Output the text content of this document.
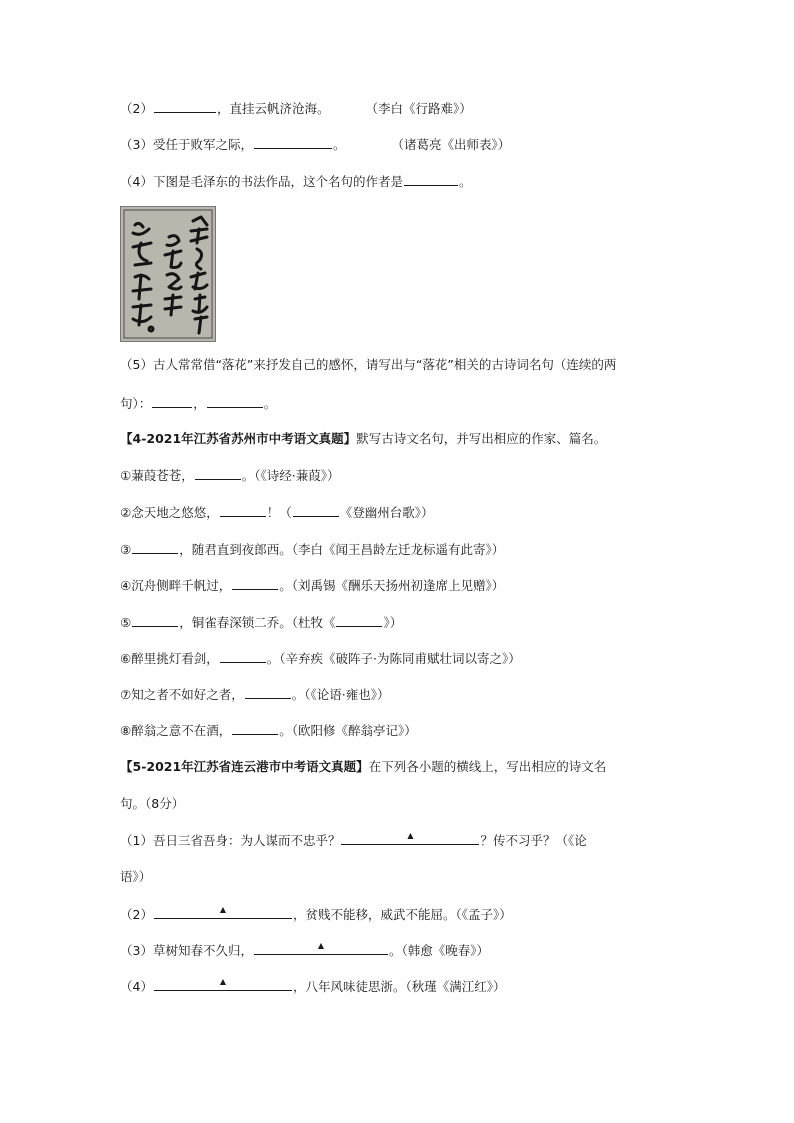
（2）	，直挂云帆济沧海。	（李白《行路难》）
（3）受任于败军之际，	。	（诸葛亮《出师表》）
（4）下图是毛泽东的书法作品，这个名句的作者是	。
（5）古人常常借“落花”来抒发自己的感怀，请写出与“落花”相关的古诗词名句（连续的两
句）：	，	。
【4-2021年江苏省苏州市中考语文真题】默写古诗文名句，并写出相应的作家、篇名。
①蒹葭苍苍，	。（《诗经·蒹葭》）
②念天地之悠悠，	！（	《登幽州台歌》）
③	，随君直到夜郎西。（李白《闻王昌龄左迁龙标遥有此寄》）
④沉舟侧畔千帆过，	。（刘禹锡《酬乐天扬州初逢席上见赠》）
⑤	，铜雀春深锁二乔。（杜牧《	》）
⑥醉里挑灯看剑，	。（辛弃疾《破阵子·为陈同甫赋壮词以寄之》）
⑦知之者不如好之者，	。（《论语·雍也》）
⑧醉翁之意不在酒，	。（欧阳修《醉翁亭记》）
【5-2021年江苏省连云港市中考语文真题】在下列各小题的横线上，写出相应的诗文名
句。（8分）
（1）吾日三省吾身：为人谋而不忠乎？	▲	？传不习乎？（《论
语》）
（2）	▲	，贫贱不能移，威武不能屈。（《孟子》）
（3）草树知春不久归，	▲	。（韩愈《晚春》）
（4）	▲	，八年风味徒思浙。（秋瑾《满江红》）
